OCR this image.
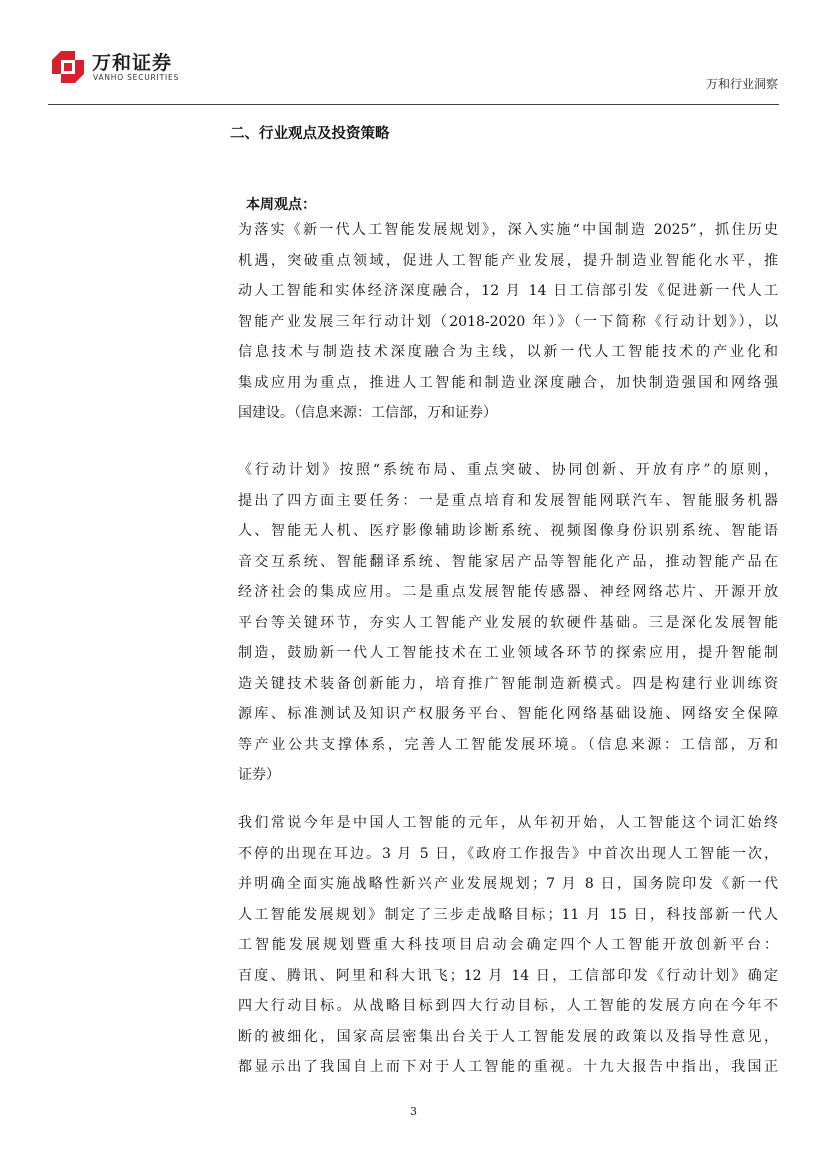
万和证券
VANHO SECURITIES	万和行业洞察
二、行业观点及投资策略
本周观点：
为落实《新一代人工智能发展规划》，深入实施“中国制造 2025”，抓住历史
机遇，突破重点领域，促进人工智能产业发展，提升制造业智能化水平，推
动人工智能和实体经济深度融合，12 月 14 日工信部引发《促进新一代人工
智能产业发展三年行动计划（2018-2020 年）》（一下简称《行动计划》），以
信息技术与制造技术深度融合为主线，以新一代人工智能技术的产业化和
集成应用为重点，推进人工智能和制造业深度融合，加快制造强国和网络强
国建设。（信息来源：工信部，万和证券）
《行动计划》按照“系统布局、重点突破、协同创新、开放有序”的原则，
提出了四方面主要任务：一是重点培育和发展智能网联汽车、智能服务机器
人、智能无人机、医疗影像辅助诊断系统、视频图像身份识别系统、智能语
音交互系统、智能翻译系统、智能家居产品等智能化产品，推动智能产品在
经济社会的集成应用。二是重点发展智能传感器、神经网络芯片、开源开放
平台等关键环节，夯实人工智能产业发展的软硬件基础。三是深化发展智能
制造，鼓励新一代人工智能技术在工业领域各环节的探索应用，提升智能制
造关键技术装备创新能力，培育推广智能制造新模式。四是构建行业训练资
源库、标准测试及知识产权服务平台、智能化网络基础设施、网络安全保障
等产业公共支撑体系，完善人工智能发展环境。（信息来源：工信部，万和
证券）
我们常说今年是中国人工智能的元年，从年初开始，人工智能这个词汇始终
不停的出现在耳边。3 月 5 日，《政府工作报告》中首次出现人工智能一次，
并明确全面实施战略性新兴产业发展规划；7 月 8 日，国务院印发《新一代
人工智能发展规划》制定了三步走战略目标；11 月 15 日，科技部新一代人
工智能发展规划暨重大科技项目启动会确定四个人工智能开放创新平台：
百度、腾讯、阿里和科大讯飞；12 月 14 日，工信部印发《行动计划》确定
四大行动目标。从战略目标到四大行动目标，人工智能的发展方向在今年不
断的被细化，国家高层密集出台关于人工智能发展的政策以及指导性意见，
都显示出了我国自上而下对于人工智能的重视。十九大报告中指出，我国正
3
